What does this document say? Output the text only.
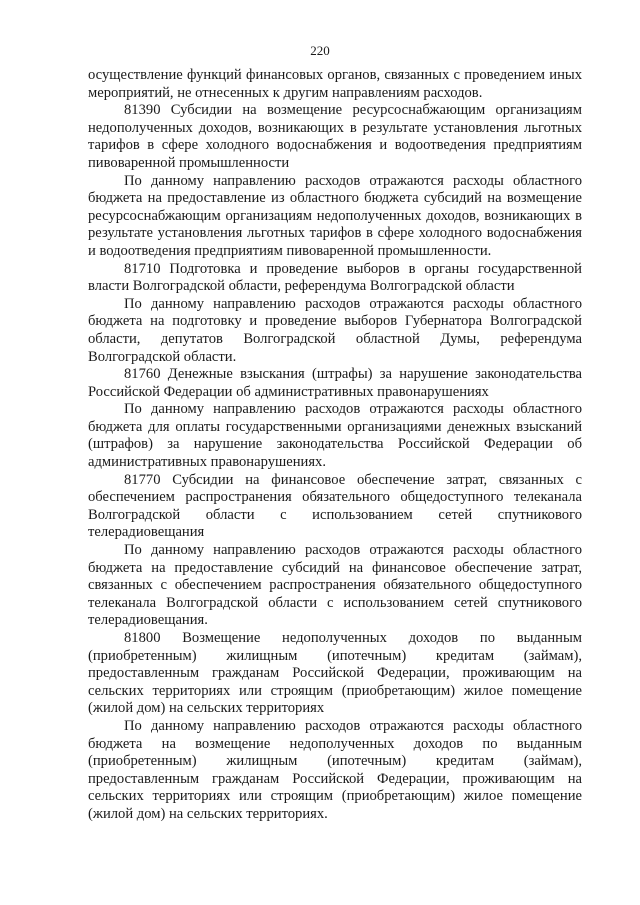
220

осуществление функций финансовых органов, связанных с проведением иных мероприятий, не отнесенных к другим направлениям расходов.

81390 Субсидии на возмещение ресурсоснабжающим организациям недополученных доходов, возникающих в результате установления льготных тарифов в сфере холодного водоснабжения и водоотведения предприятиям пивоваренной промышленности

По данному направлению расходов отражаются расходы областного бюджета на предоставление из областного бюджета субсидий на возмещение ресурсоснабжающим организациям недополученных доходов, возникающих в результате установления льготных тарифов в сфере холодного водоснабжения и водоотведения предприятиям пивоваренной промышленности.

81710 Подготовка и проведение выборов в органы государственной власти Волгоградской области, референдума Волгоградской области

По данному направлению расходов отражаются расходы областного бюджета на подготовку и проведение выборов Губернатора Волгоградской области, депутатов Волгоградской областной Думы, референдума Волгоградской области.

81760 Денежные взыскания (штрафы) за нарушение законодательства Российской Федерации об административных правонарушениях

По данному направлению расходов отражаются расходы областного бюджета для оплаты государственными организациями денежных взысканий (штрафов) за нарушение законодательства Российской Федерации об административных правонарушениях.

81770 Субсидии на финансовое обеспечение затрат, связанных с обеспечением распространения обязательного общедоступного телеканала Волгоградской области с использованием сетей спутникового телерадиовещания

По данному направлению расходов отражаются расходы областного бюджета на предоставление субсидий на финансовое обеспечение затрат, связанных с обеспечением распространения обязательного общедоступного телеканала Волгоградской области с использованием сетей спутникового телерадиовещания.

81800 Возмещение недополученных доходов по выданным (приобретенным) жилищным (ипотечным) кредитам (займам), предоставленным гражданам Российской Федерации, проживающим на сельских территориях или строящим (приобретающим) жилое помещение (жилой дом) на сельских территориях

По данному направлению расходов отражаются расходы областного бюджета на возмещение недополученных доходов по выданным (приобретенным) жилищным (ипотечным) кредитам (займам), предоставленным гражданам Российской Федерации, проживающим на сельских территориях или строящим (приобретающим) жилое помещение (жилой дом) на сельских территориях.
